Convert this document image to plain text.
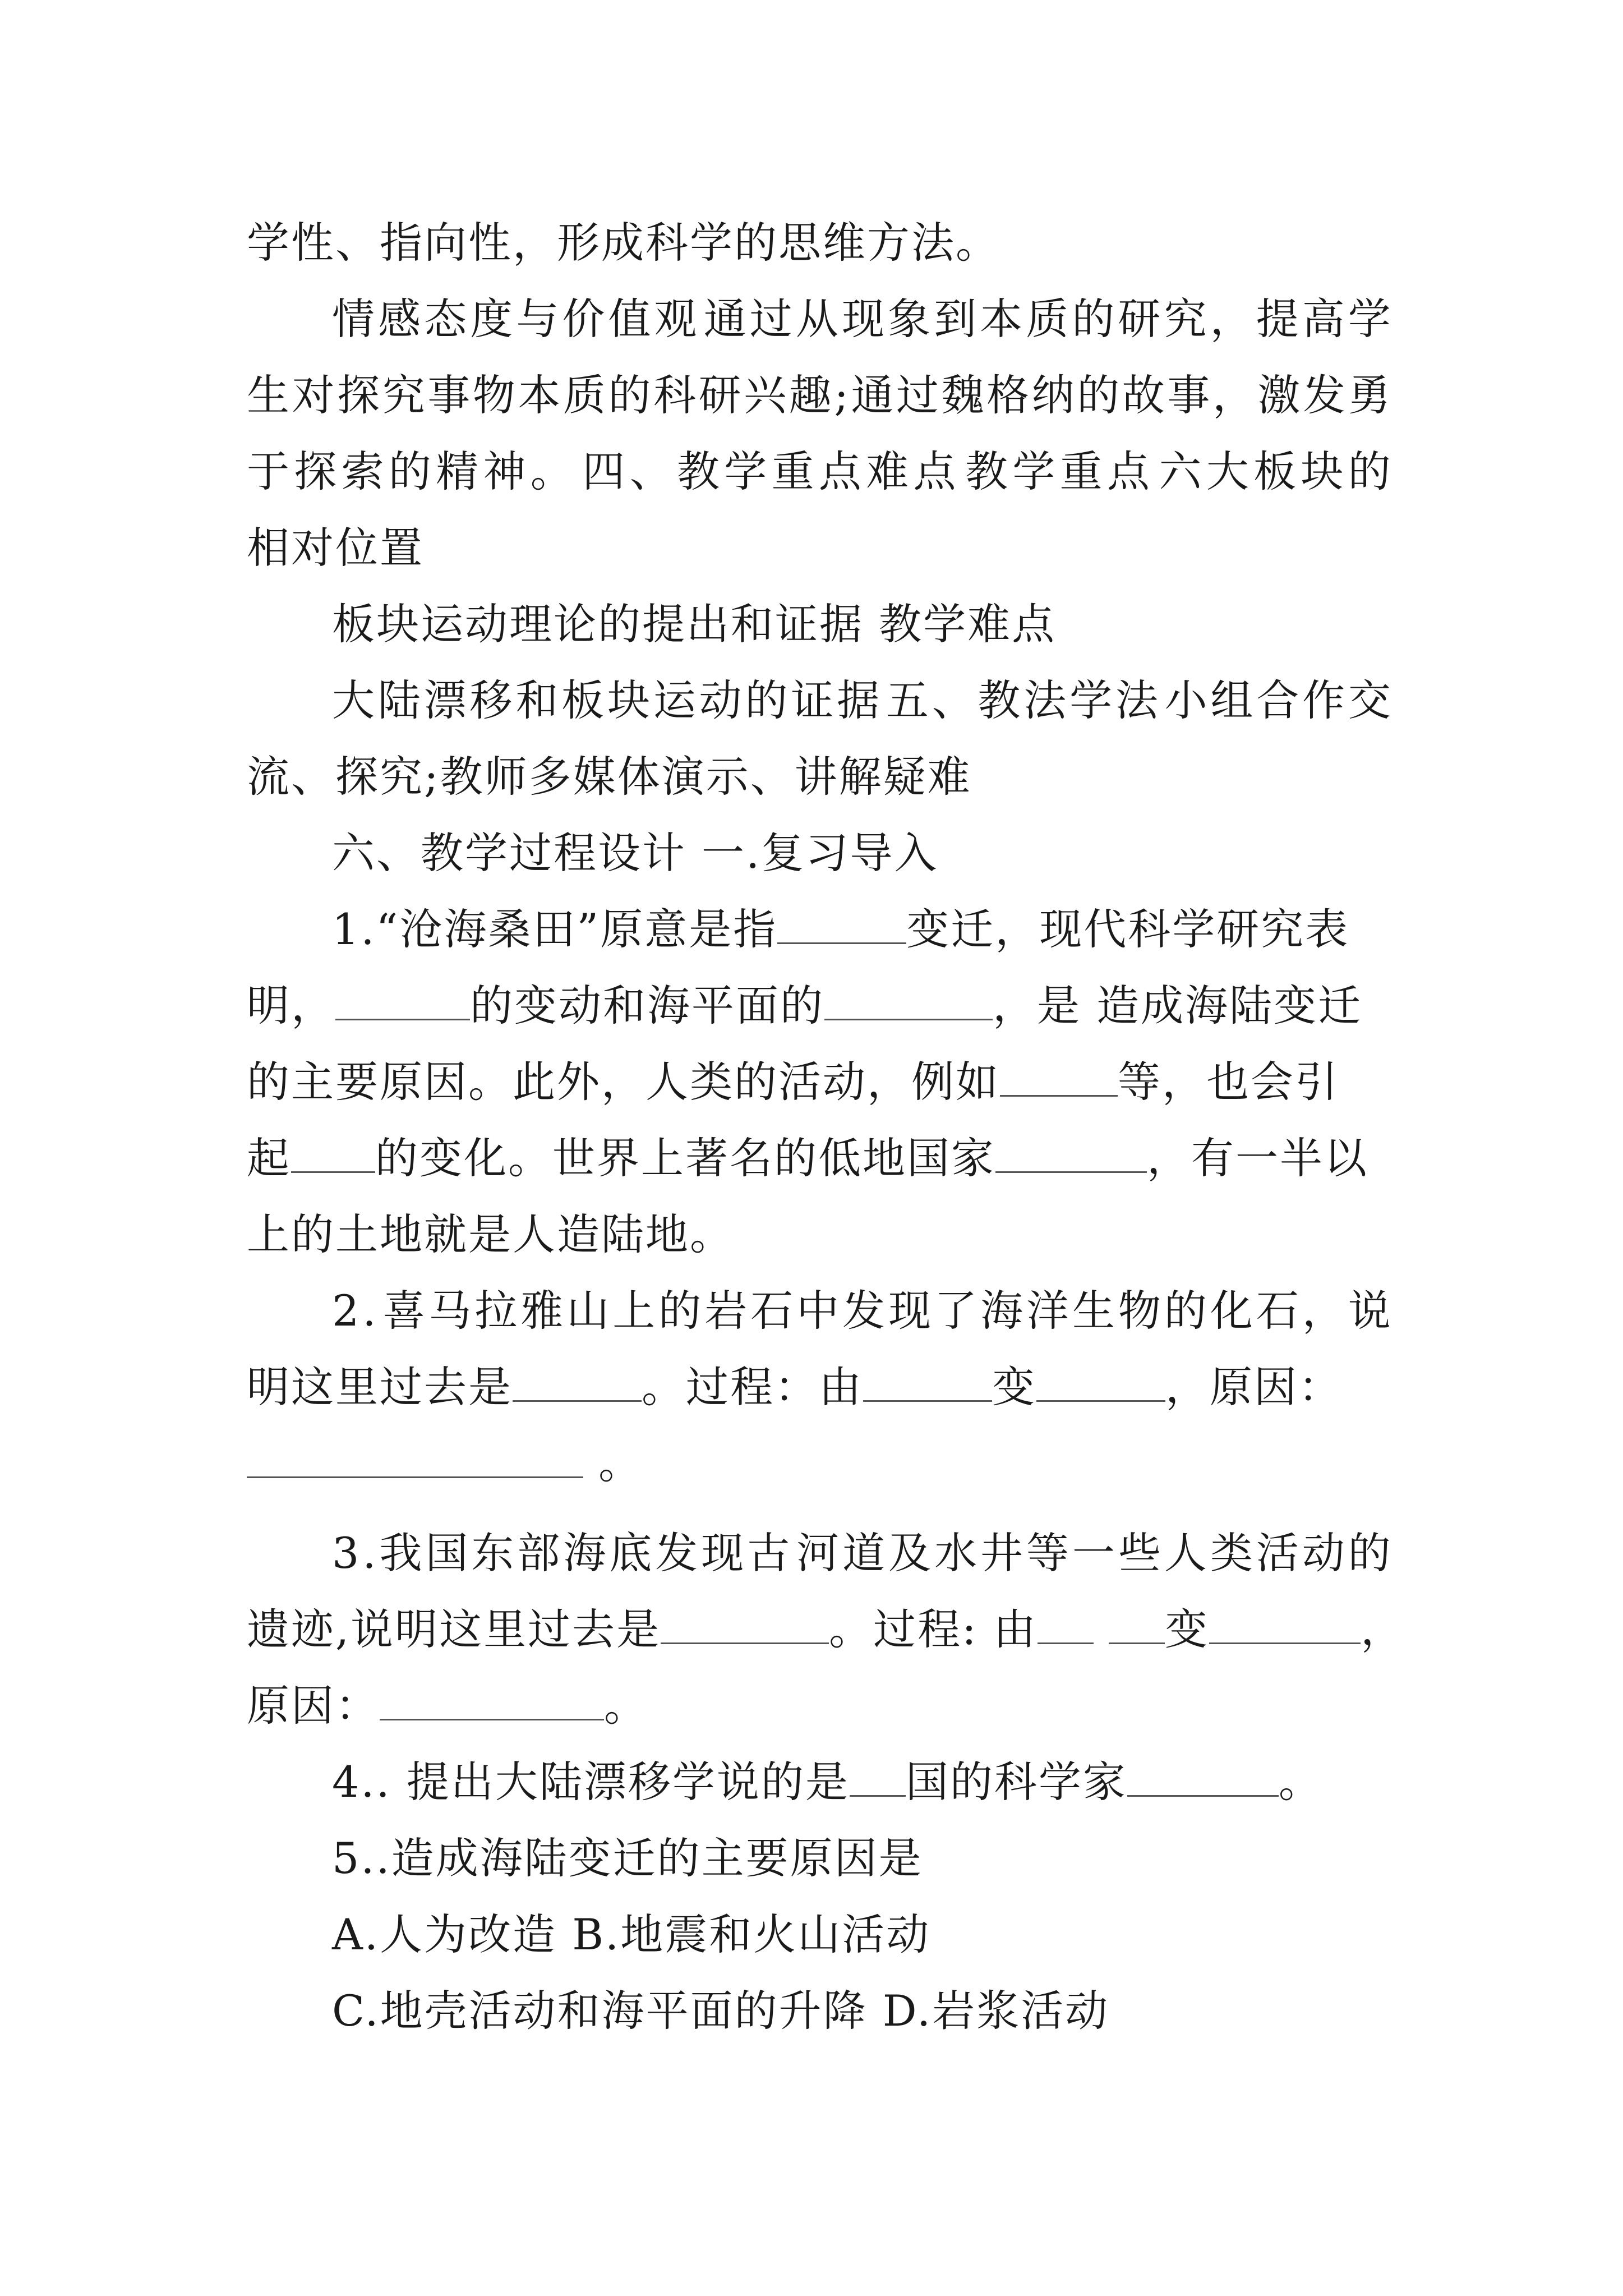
学性、指向性，形成科学的思维方法。
情 感 态 度 与 价 值 观 通 过 从 现 象 到 本 质 的 研 究 ， 提 高 学
生 对 探 究 事 物 本 质 的 科 研 兴 趣 ; 通 过 魏 格 纳 的 故 事 ， 激 发 勇
于 探 索 的 精 神 。 四 、 教 学 重 点 难 点 教 学 重 点 六 大 板 块 的
相对位置
板块运动理论的提出和证据 教学难点
大 陆 漂 移 和 板 块 运 动 的 证 据 五 、 教 法 学 法 小 组 合 作 交
流、探究;教师多媒体演示、讲解疑难
六、教学过程设计 一.复习导入
1.“沧海桑田”原意是指	变迁，现代科学研究表
明，	的变动和海平面的	，是 造成海陆变迁
的主要原因。此外，人类的活动，例如	等，也会引
起 的变化。世界上著名的低地国家	，有一半以
上的土地就是人造陆地。
2 . 喜 马 拉 雅 山 上 的 岩 石 中 发 现 了 海 洋 生 物 的 化 石 ， 说
明这里过去是	。过程：由	变	，原因：
。
3 . 我 国 东 部 海 底 发 现 古 河 道 及 水 井 等 一 些 人 类 活 动 的
遗迹,说明这里过去是	。过程: 由	变	，
原因：	。
4.. 提出大陆漂移学说的是 国的科学家	。
5..造成海陆变迁的主要原因是
A.人为改造 B.地震和火山活动
C.地壳活动和海平面的升降 D.岩浆活动
